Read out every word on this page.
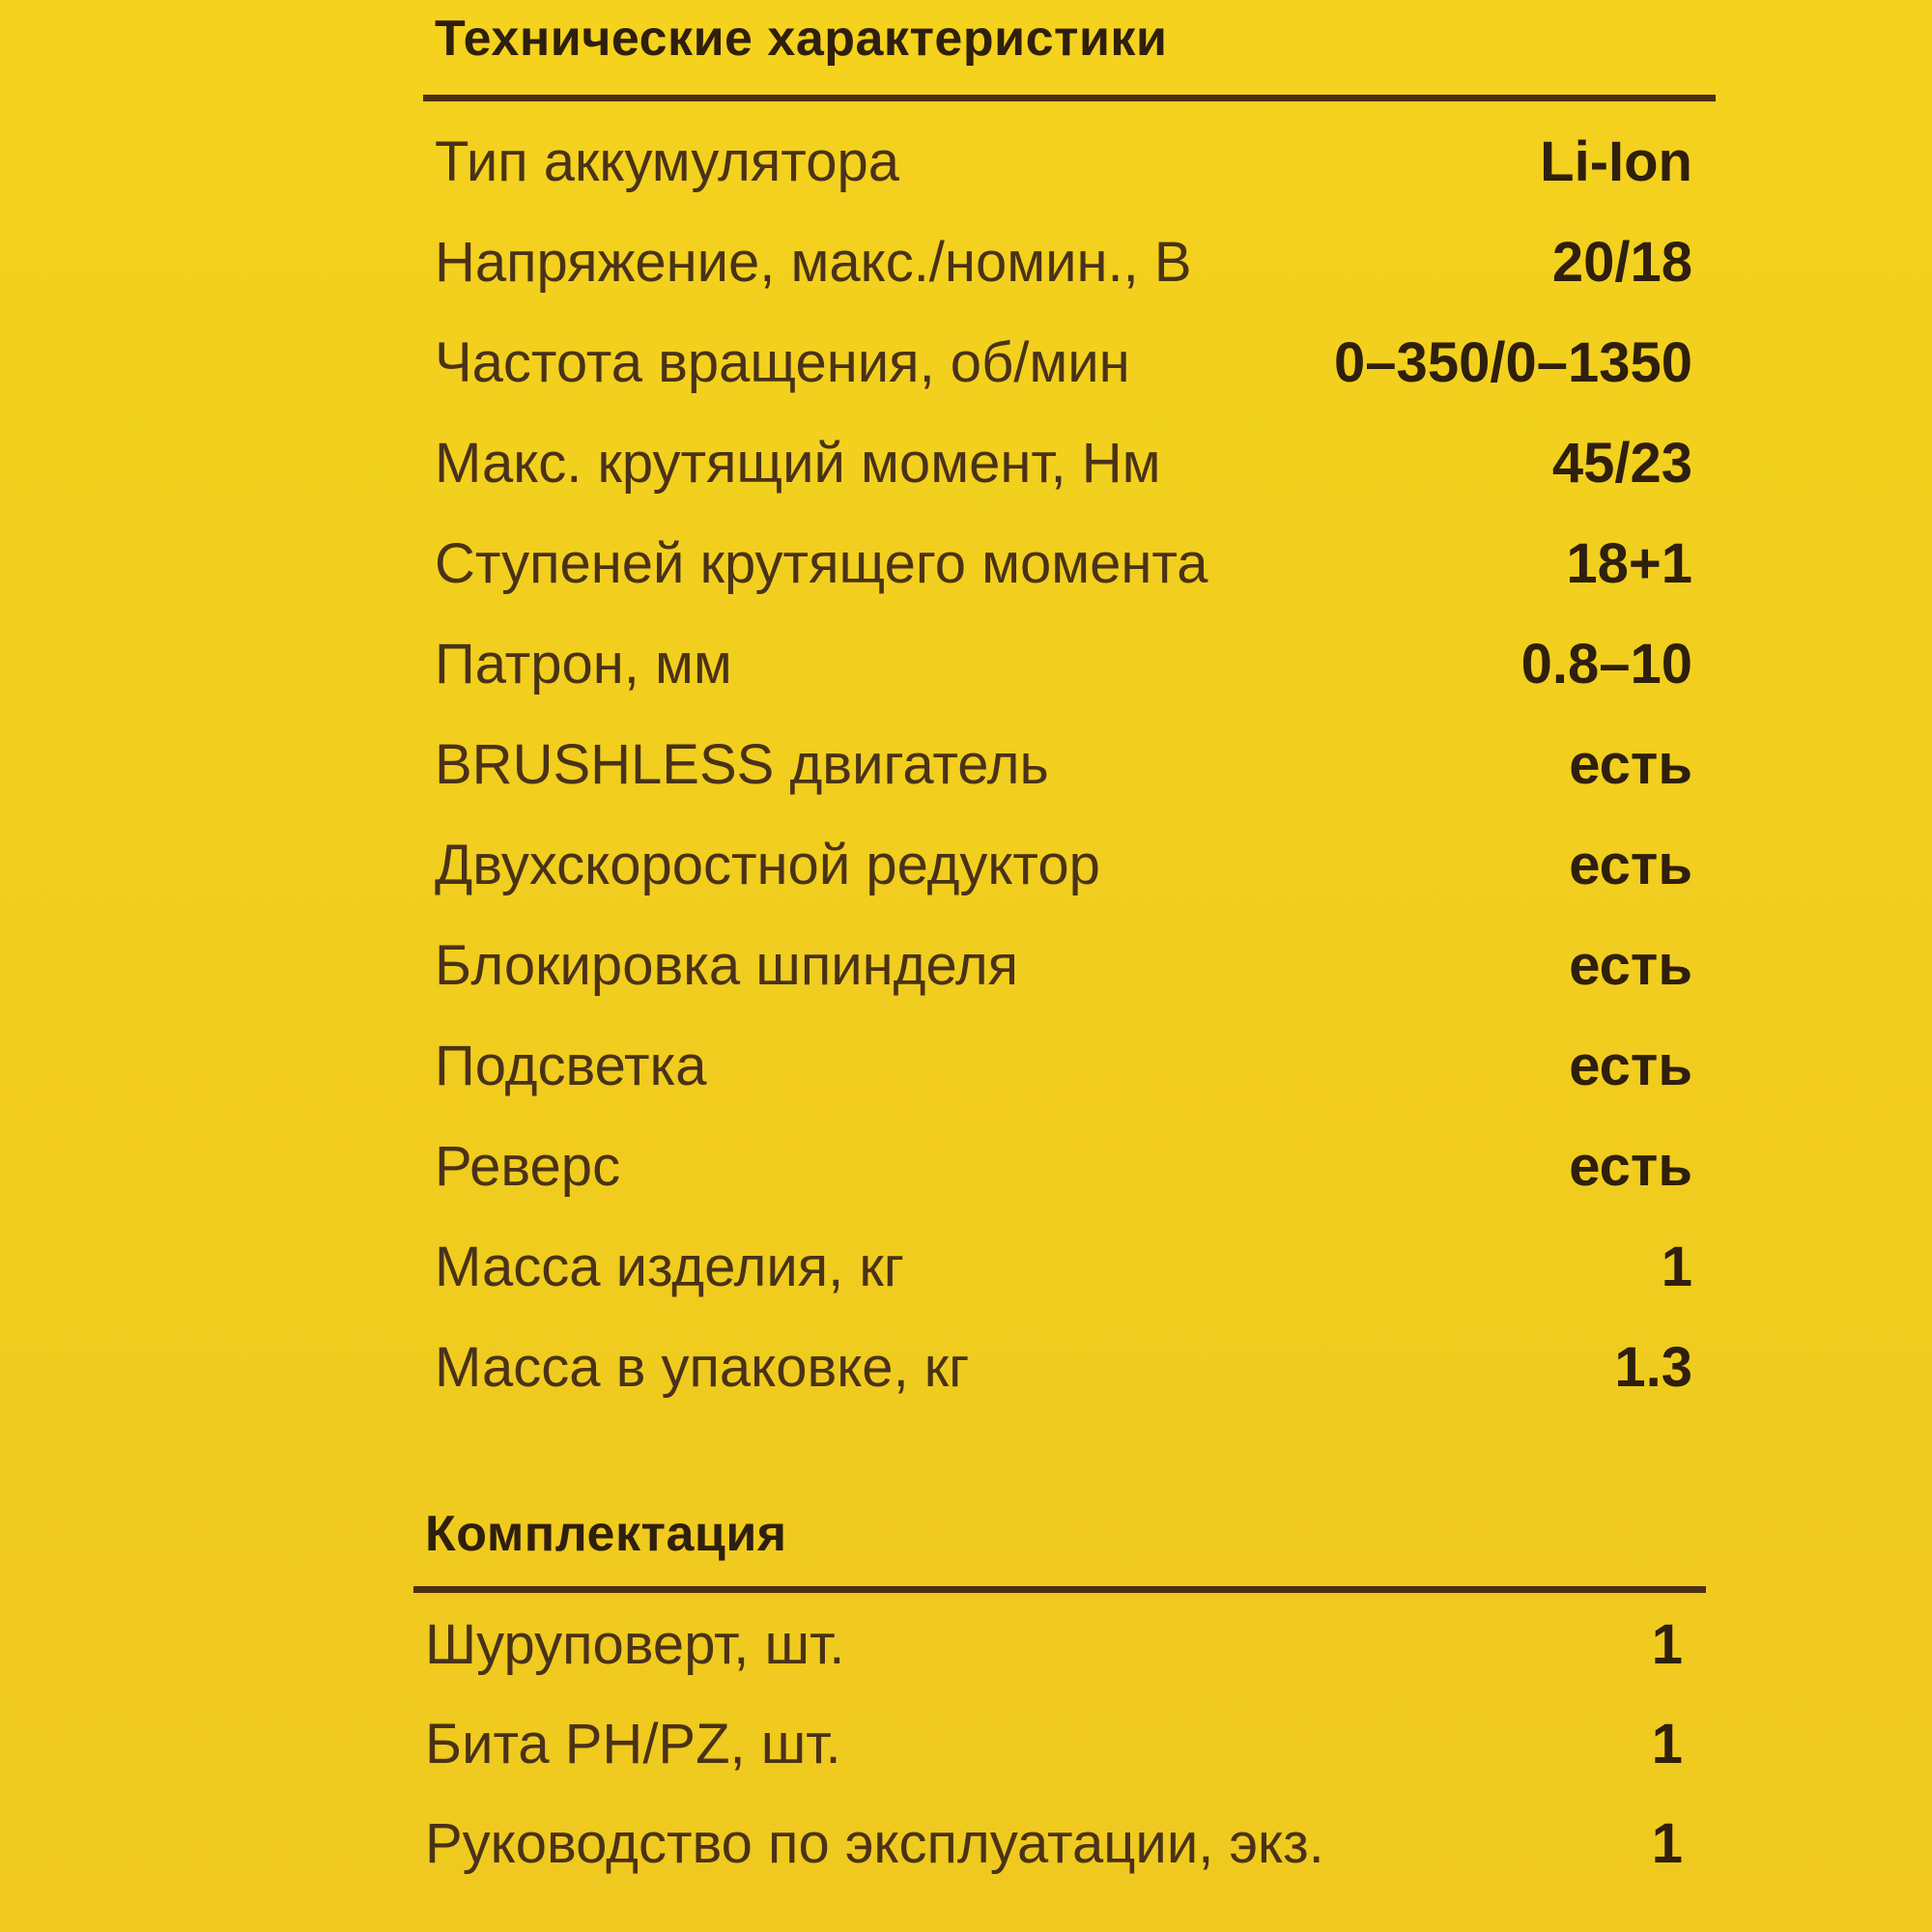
Технические характеристики
Тип аккумулятора	Li-Ion
Напряжение, макс./номин., В	20/18
Частота вращения, об/мин	0–350/0–1350
Макс. крутящий момент, Нм	45/23
Ступеней крутящего момента	18+1
Патрон, мм	0.8–10
BRUSHLESS двигатель	есть
Двухскоростной редуктор	есть
Блокировка шпинделя	есть
Подсветка	есть
Реверс	есть
Масса изделия, кг	1
Масса в упаковке, кг	1.3
Комплектация
Шуруповерт, шт.	1
Бита PH/PZ, шт.	1
Руководство по эксплуатации, экз.	1
